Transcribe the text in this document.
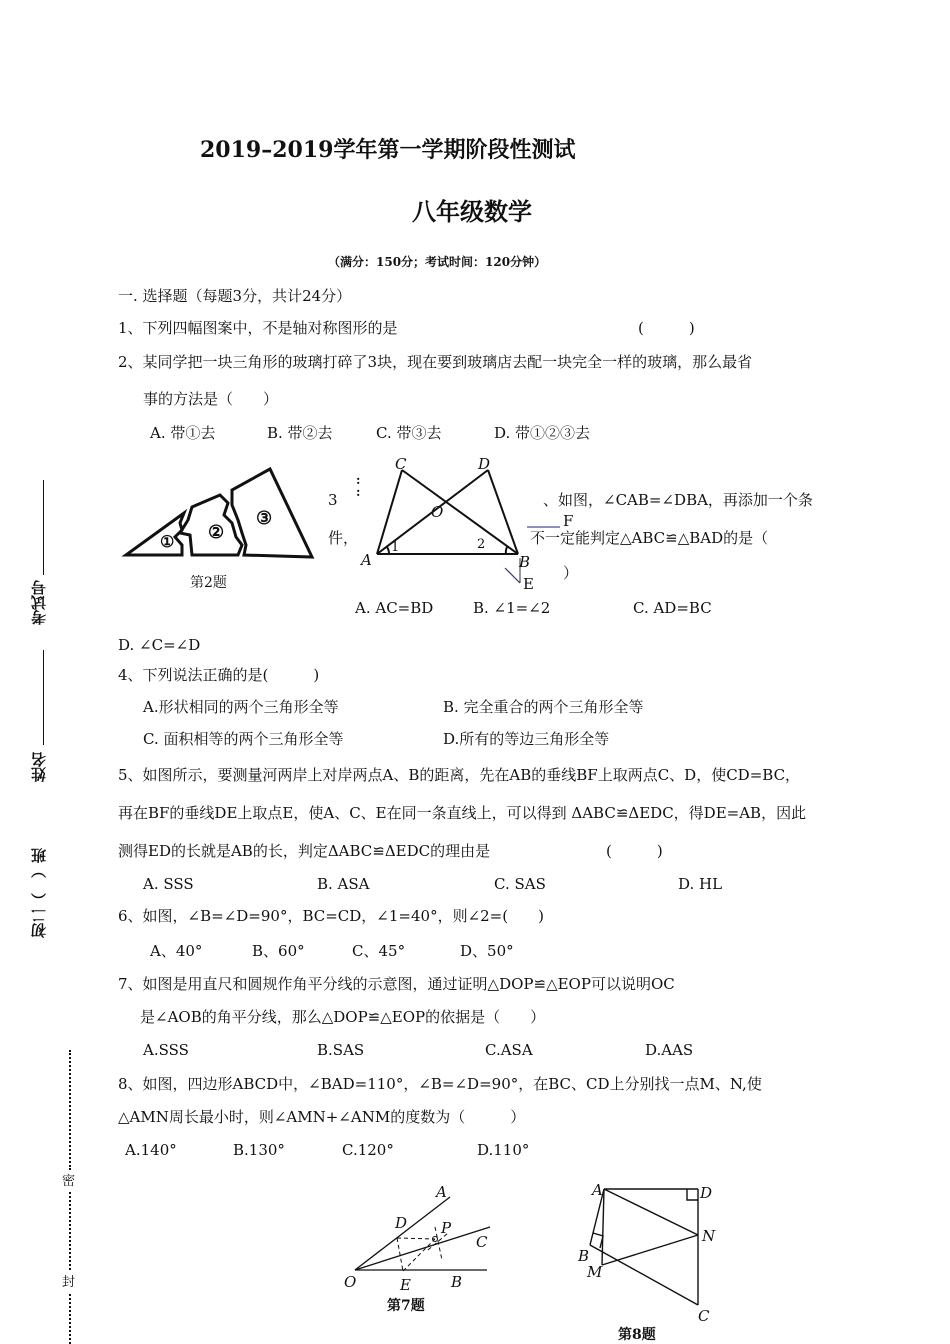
2019–2019学年第一学期阶段性测试
八年级数学
（满分：150分；考试时间：120分钟）
一. 选择题（每题3分，共计24分）
1、下列四幅图案中，不是轴对称图形的是	(　　　)
2、某同学把一块三角形的玻璃打碎了3块，现在要到玻璃店去配一块完全一样的玻璃，那么最省
事的方法是（　　）
A. 带①去	B. 带②去	C. 带③去	D. 带①②③去
① ②
③
第2题
3
件，
、如图，∠CAB=∠DBA，再添加一个条
:
:
不一定能判定△ABC≌△BAD的是（
）
C	D
O
A	B
1	2
E
F
A. AC=BD	B. ∠1=∠2	C. AD=BC
D. ∠C=∠D
4、下列说法正确的是(　　　)
A.形状相同的两个三角形全等	B. 完全重合的两个三角形全等
C. 面积相等的两个三角形全等	D.所有的等边三角形全等
5、如图所示，要测量河两岸上对岸两点A、B的距离，先在AB的垂线BF上取两点C、D，使CD=BC，
再在BF的垂线DE上取点E，使A、C、E在同一条直线上，可以得到 ΔABC≌ΔEDC，得DE=AB，因此
测得ED的长就是AB的长，判定ΔABC≌ΔEDC的理由是	(　　　)
A. SSS	B. ASA	C. SAS	D. HL
6、如图，∠B=∠D=90°，BC=CD，∠1=40°，则∠2=(　　)
A、40°	B、60°	C、45°	D、50°
7、如图是用直尺和圆规作角平分线的示意图，通过证明△DOP≌△EOP可以说明OC
是∠AOB的角平分线，那么△DOP≌△EOP的依据是（　　）
A.SSS	B.SAS	C.ASA	D.AAS
8、如图，四边形ABCD中，∠BAD=110°，∠B=∠D=90°，在BC、CD上分别找一点M、N,使
△AMN周长最小时，则∠AMN+∠ANM的度数为（　　　）
A.140°	B.130°	C.120°	D.110°
A
D P
C
O	E	B
第7题
A	D
N
B
M
C
第8题
考试号
姓名
初二（　）班
密
封
